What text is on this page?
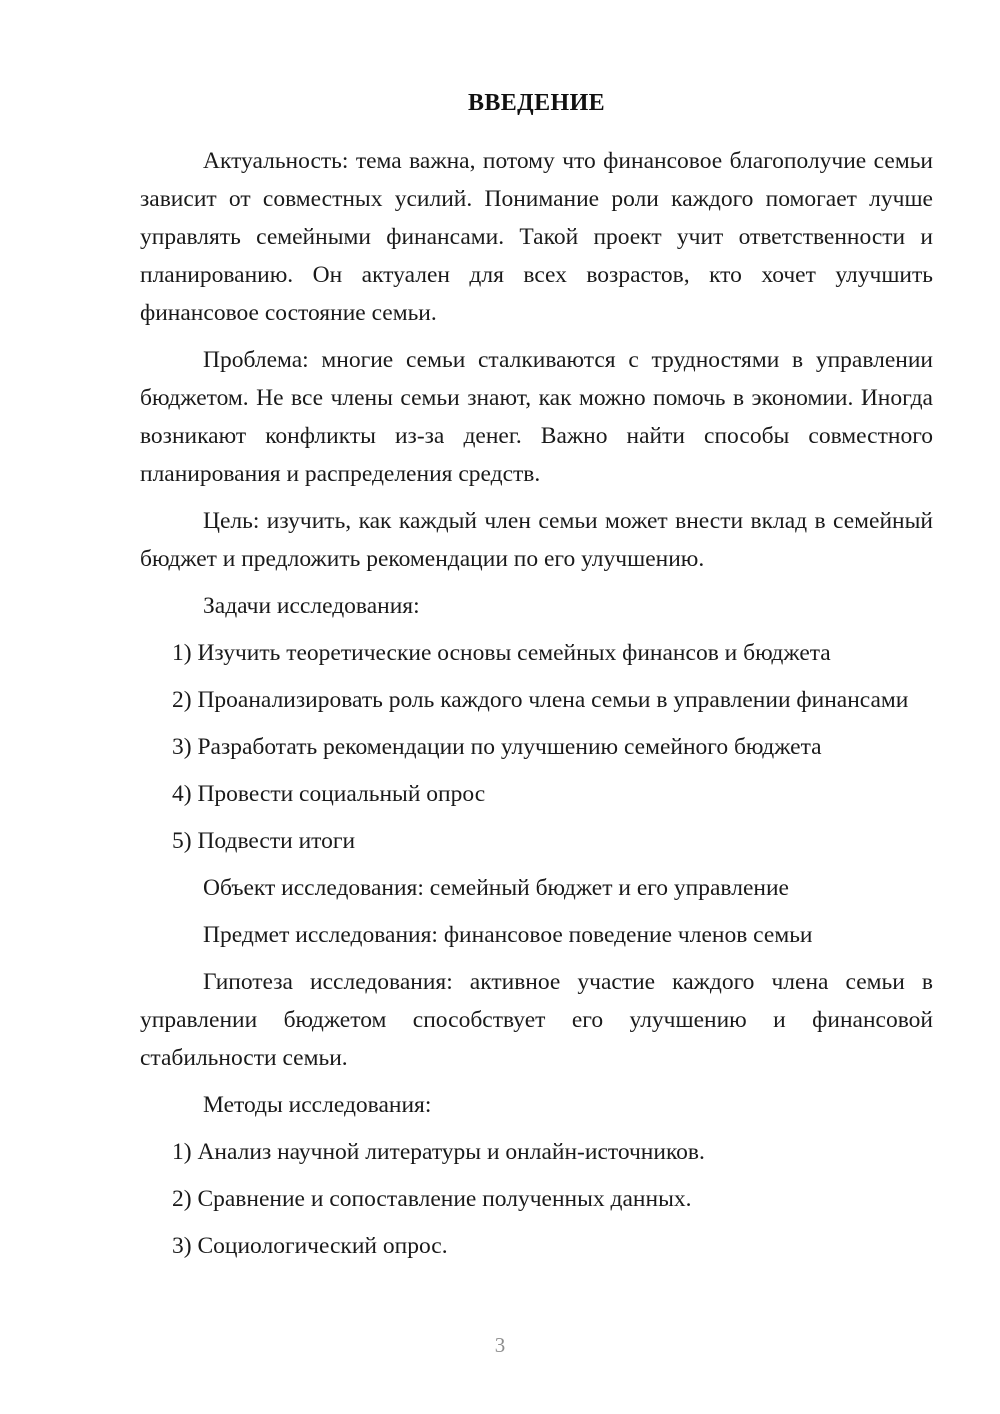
ВВЕДЕНИЕ

Актуальность: тема важна, потому что финансовое благополучие семьи зависит от совместных усилий. Понимание роли каждого помогает лучше управлять семейными финансами. Такой проект учит ответственности и планированию. Он актуален для всех возрастов, кто хочет улучшить финансовое состояние семьи.

Проблема: многие семьи сталкиваются с трудностями в управлении бюджетом. Не все члены семьи знают, как можно помочь в экономии. Иногда возникают конфликты из-за денег. Важно найти способы совместного планирования и распределения средств.

Цель: изучить, как каждый член семьи может внести вклад в семейный бюджет и предложить рекомендации по его улучшению.

Задачи исследования:

1) Изучить теоретические основы семейных финансов и бюджета

2) Проанализировать роль каждого члена семьи в управлении финансами

3) Разработать рекомендации по улучшению семейного бюджета

4) Провести социальный опрос

5) Подвести итоги

Объект исследования: семейный бюджет и его управление

Предмет исследования: финансовое поведение членов семьи

Гипотеза исследования: активное участие каждого члена семьи в управлении бюджетом способствует его улучшению и финансовой стабильности семьи.

Методы исследования:

1) Анализ научной литературы и онлайн-источников.

2) Сравнение и сопоставление полученных данных.

3) Социологический опрос.

3
